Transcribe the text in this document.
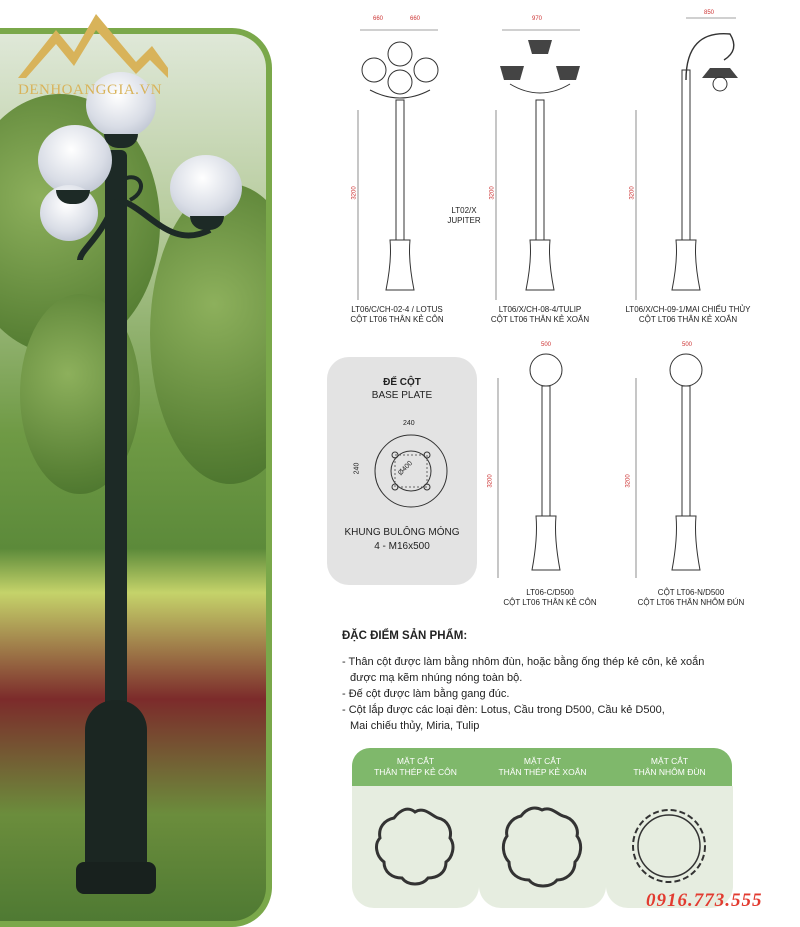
DENHOANGGIA.VN
660	660	970
850
3200	3200	3200
LT02/X
JUPITER
LT06/C/CH-02-4 / LOTUS
CỘT LT06 THÂN KẺ CÔN
LT06/X/CH-08-4/TULIP
CỘT LT06 THÂN KẺ XOẮN
LT06/X/CH-09-1/MAI CHIẾU THỦY
CỘT LT06 THÂN KẺ XOẮN
ĐẾ CỘT
BASE PLATE
240
240	Ø400
KHUNG BULÔNG MÓNG
4 - M16x500
500	500
3200	3200
LT06-C/D500
CỘT LT06 THÂN KẺ CÔN
CỘT LT06-N/D500
CỘT LT06 THÂN NHÔM ĐÚN
ĐẶC ĐIỂM SẢN PHẨM:
- Thân cột được làm bằng nhôm đùn, hoặc bằng ống thép kẻ côn, kẻ xoắn
được mạ kẽm nhúng nóng toàn bộ.
- Đế cột được làm bằng gang đúc.
- Cột lắp được các loại đèn: Lotus, Cầu trong D500, Cầu kẻ D500,
Mai chiếu thủy, Miria, Tulip
MẶT CẮT
THÂN THÉP KẺ CÔN
MẶT CẮT
THÂN THÉP KẺ XOẮN
MẶT CẮT
THÂN NHÔM ĐÙN
0916.773.555
